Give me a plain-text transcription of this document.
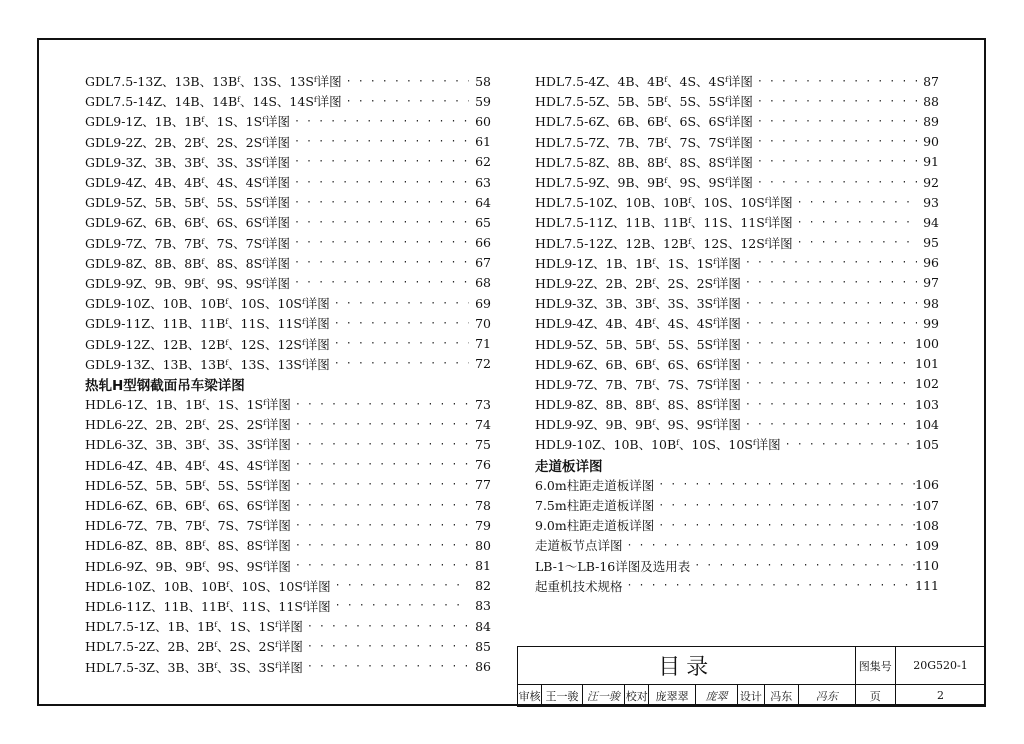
GDL7.5-13Z、13B、13Bᶠ、13S、13Sᶠ详图 · · ·	58
GDL7.5-14Z、14B、14Bᶠ、14S、14Sᶠ详图 · · ·	59
GDL9-1Z、1B、1Bᶠ、1S、1Sᶠ详图 · · ·	60
GDL9-2Z、2B、2Bᶠ、2S、2Sᶠ详图 · · ·	61
GDL9-3Z、3B、3Bᶠ、3S、3Sᶠ详图 · · ·	62
GDL9-4Z、4B、4Bᶠ、4S、4Sᶠ详图 · · ·	63
GDL9-5Z、5B、5Bᶠ、5S、5Sᶠ详图 · · ·	64
GDL9-6Z、6B、6Bᶠ、6S、6Sᶠ详图 · · ·	65
GDL9-7Z、7B、7Bᶠ、7S、7Sᶠ详图 · · ·	66
GDL9-8Z、8B、8Bᶠ、8S、8Sᶠ详图 · · ·	67
GDL9-9Z、9B、9Bᶠ、9S、9Sᶠ详图 · · ·	68
GDL9-10Z、10B、10Bᶠ、10S、10Sᶠ详图 · · ·	69
GDL9-11Z、11B、11Bᶠ、11S、11Sᶠ详图 · · ·	70
GDL9-12Z、12B、12Bᶠ、12S、12Sᶠ详图 · · ·	71
GDL9-13Z、13B、13Bᶠ、13S、13Sᶠ详图 · · ·	72
热轧H型钢截面吊车梁详图
HDL6-1Z、1B、1Bᶠ、1S、1Sᶠ详图 · · ·	73
HDL6-2Z、2B、2Bᶠ、2S、2Sᶠ详图 · · ·	74
HDL6-3Z、3B、3Bᶠ、3S、3Sᶠ详图 · · ·	75
HDL6-4Z、4B、4Bᶠ、4S、4Sᶠ详图 · · ·	76
HDL6-5Z、5B、5Bᶠ、5S、5Sᶠ详图 · · ·	77
HDL6-6Z、6B、6Bᶠ、6S、6Sᶠ详图 · · ·	78
HDL6-7Z、7B、7Bᶠ、7S、7Sᶠ详图 · · ·	79
HDL6-8Z、8B、8Bᶠ、8S、8Sᶠ详图 · · ·	80
HDL6-9Z、9B、9Bᶠ、9S、9Sᶠ详图 · · ·	81
HDL6-10Z、10B、10Bᶠ、10S、10Sᶠ详图 · · ·	82
HDL6-11Z、11B、11Bᶠ、11S、11Sᶠ详图 · · ·	83
HDL7.5-1Z、1B、1Bᶠ、1S、1Sᶠ详图 · · ·	84
HDL7.5-2Z、2B、2Bᶠ、2S、2Sᶠ详图 · · ·	85
HDL7.5-3Z、3B、3Bᶠ、3S、3Sᶠ详图 · · ·	86
HDL7.5-4Z、4B、4Bᶠ、4S、4Sᶠ详图 · · ·	87
HDL7.5-5Z、5B、5Bᶠ、5S、5Sᶠ详图 · · ·	88
HDL7.5-6Z、6B、6Bᶠ、6S、6Sᶠ详图 · · ·	89
HDL7.5-7Z、7B、7Bᶠ、7S、7Sᶠ详图 · · ·	90
HDL7.5-8Z、8B、8Bᶠ、8S、8Sᶠ详图 · · ·	91
HDL7.5-9Z、9B、9Bᶠ、9S、9Sᶠ详图 · · ·	92
HDL7.5-10Z、10B、10Bᶠ、10S、10Sᶠ详图 · · ·	93
HDL7.5-11Z、11B、11Bᶠ、11S、11Sᶠ详图 · · ·	94
HDL7.5-12Z、12B、12Bᶠ、12S、12Sᶠ详图 · · ·	95
HDL9-1Z、1B、1Bᶠ、1S、1Sᶠ详图 · · ·	96
HDL9-2Z、2B、2Bᶠ、2S、2Sᶠ详图 · · ·	97
HDL9-3Z、3B、3Bᶠ、3S、3Sᶠ详图 · · ·	98
HDL9-4Z、4B、4Bᶠ、4S、4Sᶠ详图 · · ·	99
HDL9-5Z、5B、5Bᶠ、5S、5Sᶠ详图 · · ·	100
HDL9-6Z、6B、6Bᶠ、6S、6Sᶠ详图 · · ·	101
HDL9-7Z、7B、7Bᶠ、7S、7Sᶠ详图 · · ·	102
HDL9-8Z、8B、8Bᶠ、8S、8Sᶠ详图 · · ·	103
HDL9-9Z、9B、9Bᶠ、9S、9Sᶠ详图 · · ·	104
HDL9-10Z、10B、10Bᶠ、10S、10Sᶠ详图 · · ·	105
走道板详图
6.0m柱距走道板详图 · · ·	106
7.5m柱距走道板详图 · · ·	107
9.0m柱距走道板详图 · · ·	108
走道板节点详图 · · ·	109
LB-1～LB-16详图及选用表 · · ·	110
起重机技术规格 · · ·	111
目录									图集号	20G520-1
审核	王一骏	汪一骏	校对	庞翠翠	庞翠	设计	冯东	冯东	页	2
